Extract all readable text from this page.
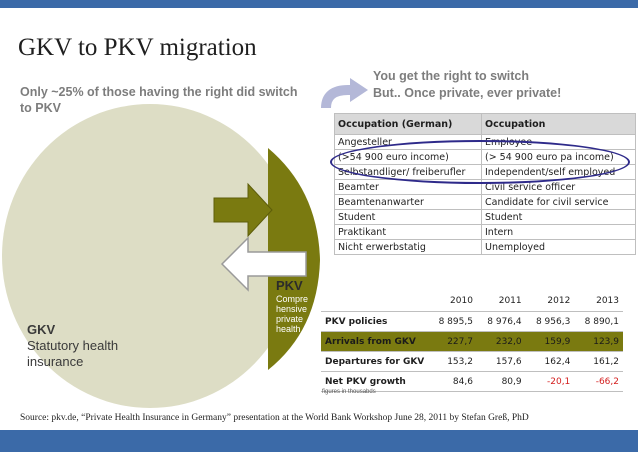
GKV to PKV migration
Only ~25% of those having the right did switch to PKV
You get the right to switch
But.. Once private, ever private!
GKV
Statutory health
insurance
PKV
Compre
hensive
private
health
Occupation (German)	Occupation
Angesteller	Employee
(>54 900 euro income)	(> 54 900 euro pa income)
Selbstandliger/ freiberufler	Independent/self employed
Beamter	Civil service officer
Beamtenanwarter	Candidate for civil service
Student	Student
Praktikant	Intern
Nicht erwerbstatig	Unemployed
	2010	2011	2012	2013
PKV policies	8 895,5	8 976,4	8 956,3	8 890,1
Arrivals from GKV	227,7	232,0	159,9	123,9
Departures for GKV	153,2	157,6	162,4	161,2
Net PKV growth	84,6	80,9	-20,1	-66,2
figures in thousabds
Source: pkv.de, “Private Health Insurance in Germany” presentation at the World Bank Workshop June 28, 2011 by Stefan Greß, PhD
